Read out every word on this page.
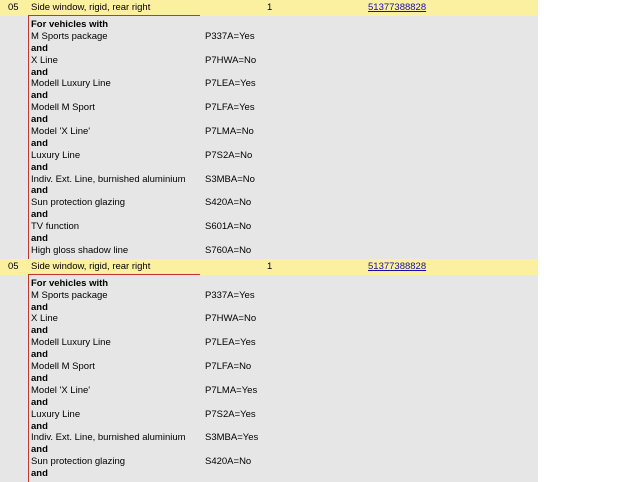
05 Side window, rigid, rear right	1	51377388828
For vehicles with
M Sports package	P337A=Yes
and
X Line	P7HWA=No
and
Modell Luxury Line	P7LEA=Yes
and
Modell M Sport	P7LFA=Yes
and
Model 'X Line'	P7LMA=No
and
Luxury Line	P7S2A=No
and
Indiv. Ext. Line, burnished aluminium S3MBA=No
and
Sun protection glazing	S420A=No
and
TV function	S601A=No
and
High gloss shadow line	S760A=No
05 Side window, rigid, rear right	1	51377388828
For vehicles with
M Sports package	P337A=Yes
and
X Line	P7HWA=No
and
Modell Luxury Line	P7LEA=Yes
and
Modell M Sport	P7LFA=No
and
Model 'X Line'	P7LMA=Yes
and
Luxury Line	P7S2A=Yes
and
Indiv. Ext. Line, burnished aluminium S3MBA=Yes
and
Sun protection glazing	S420A=No
and
